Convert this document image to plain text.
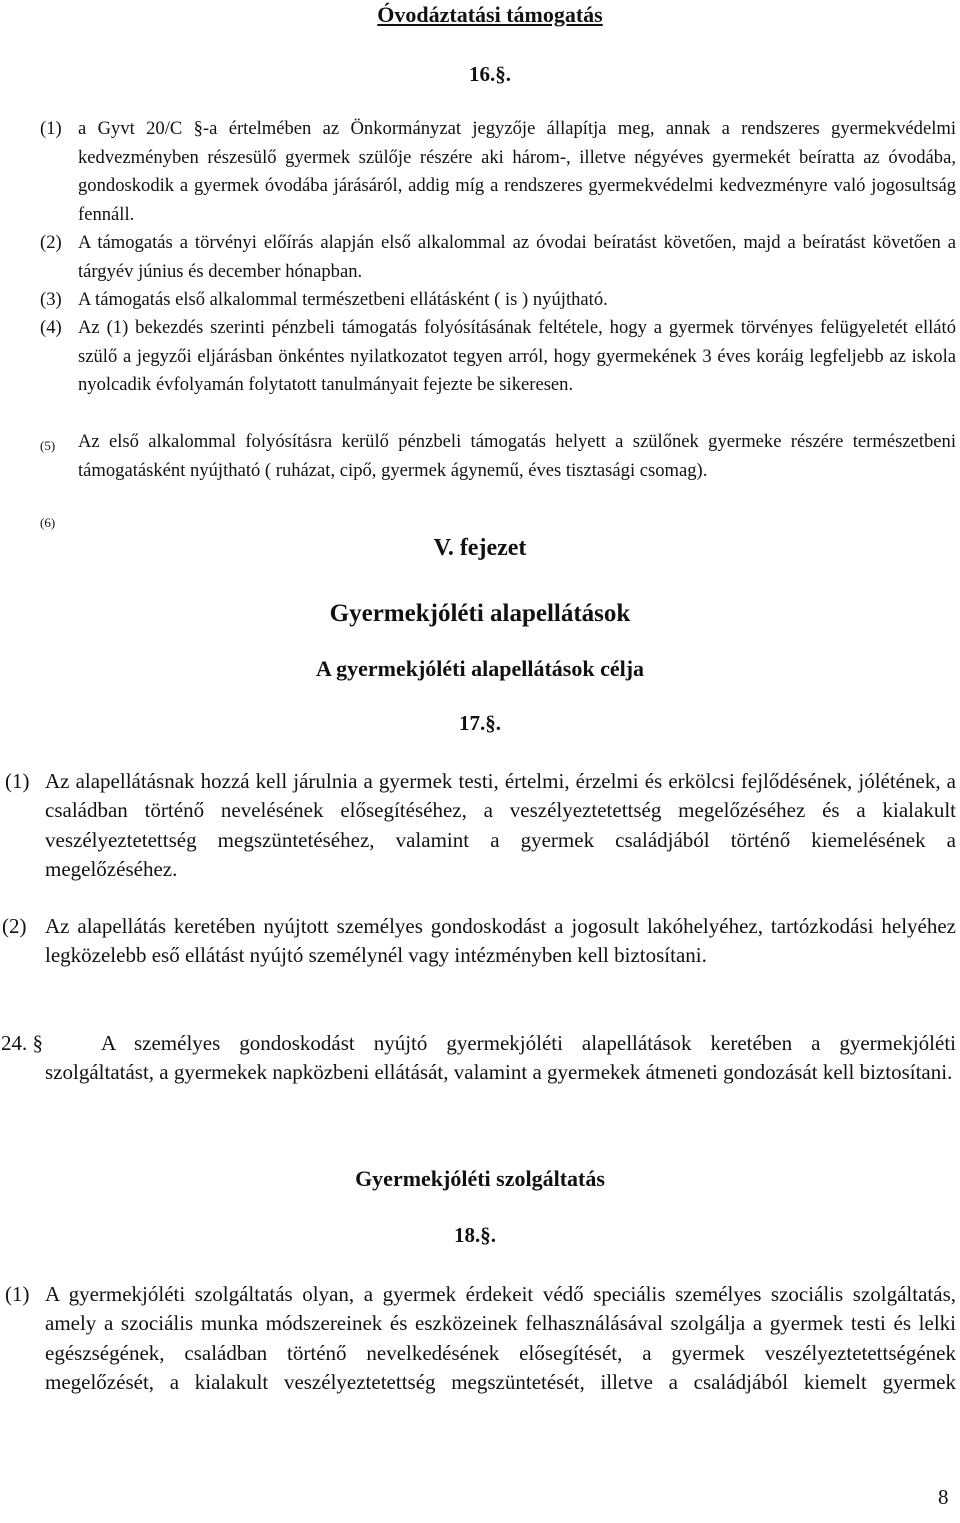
Óvodáztatási támogatás
16.§.
(1) a Gyvt 20/C §-a értelmében az Önkormányzat jegyzője állapítja meg, annak a rendszeres gyermekvédelmi kedvezményben részesülő gyermek szülője részére aki három-, illetve négyéves gyermekét beíratta az óvodába, gondoskodik a gyermek óvodába járásáról, addig míg a rendszeres gyermekvédelmi kedvezményre való jogosultság fennáll.
(2) A támogatás a törvényi előírás alapján első alkalommal az óvodai beíratást követően, majd a beíratást követően a tárgyév június és december hónapban.
(3) A támogatás első alkalommal természetbeni ellátásként ( is ) nyújtható.
(4) Az (1) bekezdés szerinti pénzbeli támogatás folyósításának feltétele, hogy a gyermek törvényes felügyeletét ellátó szülő a jegyzői eljárásban önkéntes nyilatkozatot tegyen arról, hogy gyermekének 3 éves koráig legfeljebb az iskola nyolcadik évfolyamán folytatott tanulmányait fejezte be sikeresen.
(5) Az első alkalommal folyósításra kerülő pénzbeli támogatás helyett a szülőnek gyermeke részére természetbeni támogatásként nyújtható ( ruházat, cipő, gyermek ágynemű, éves tisztasági csomag).
(6)
V. fejezet
Gyermekjóléti alapellátások
A gyermekjóléti alapellátások célja
17.§.
(1) Az alapellátásnak hozzá kell járulnia a gyermek testi, értelmi, érzelmi és erkölcsi fejlődésének, jólétének, a családban történő nevelésének elősegítéséhez, a veszélyeztetettség megelőzéséhez és a kialakult veszélyeztetettség megszüntetéséhez, valamint a gyermek családjából történő kiemelésének a megelőzéséhez.
(2) Az alapellátás keretében nyújtott személyes gondoskodást a jogosult lakóhelyéhez, tartózkodási helyéhez legközelebb eső ellátást nyújtó személynél vagy intézményben kell biztosítani.
24. §	A személyes gondoskodást nyújtó gyermekjóléti alapellátások keretében a gyermekjóléti szolgáltatást, a gyermekek napközbeni ellátását, valamint a gyermekek átmeneti gondozását kell biztosítani.
Gyermekjóléti szolgáltatás
18.§.
(1) A gyermekjóléti szolgáltatás olyan, a gyermek érdekeit védő speciális személyes szociális szolgáltatás, amely a szociális munka módszereinek és eszközeinek felhasználásával szolgálja a gyermek testi és lelki egészségének, családban történő nevelkedésének elősegítését, a gyermek veszélyeztetettségének megelőzését, a kialakult veszélyeztetettség megszüntetését, illetve a családjából kiemelt gyermek
8
